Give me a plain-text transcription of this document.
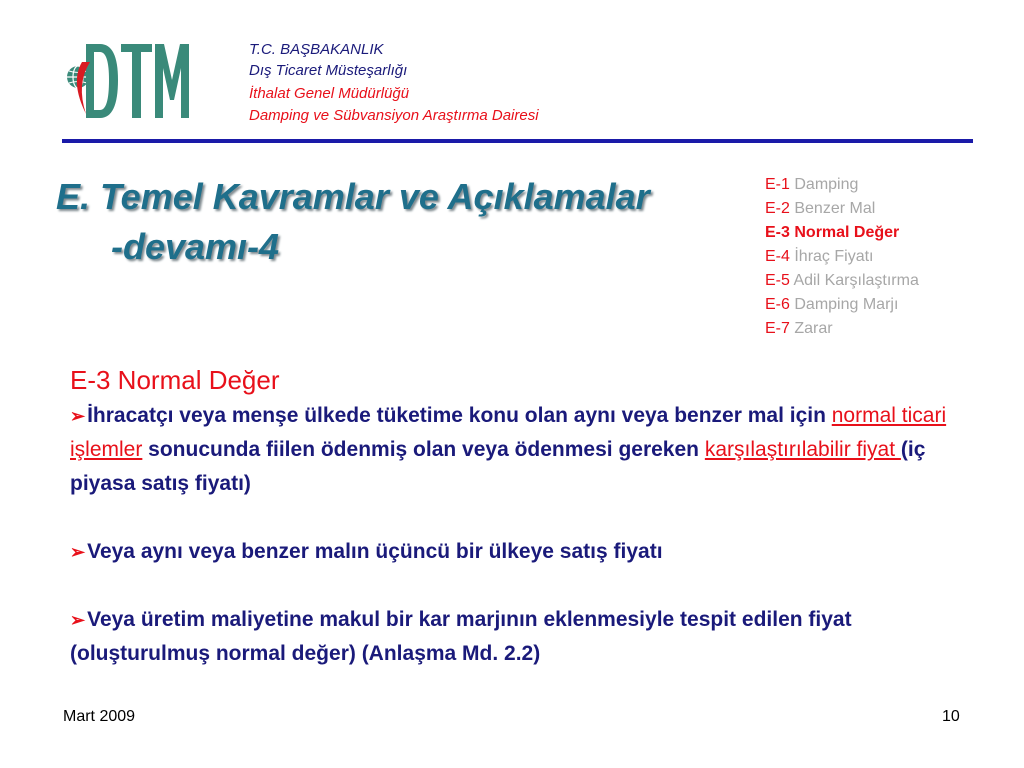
T.C. BAŞBAKANLIK
Dış Ticaret Müsteşarlığı
İthalat Genel Müdürlüğü
Damping ve Sübvansiyon Araştırma Dairesi
E. Temel Kavramlar ve Açıklamalar
-devamı-4
E-1 Damping
E-2 Benzer Mal
E-3 Normal Değer
E-4 İhraç Fiyatı
E-5 Adil Karşılaştırma
E-6 Damping Marjı
E-7 Zarar
E-3 Normal Değer
➢İhracatçı veya menşe ülkede tüketime konu olan aynı veya benzer mal için normal ticari işlemler sonucunda fiilen ödenmiş olan veya ödenmesi gereken karşılaştırılabilir fiyat (iç piyasa satış fiyatı)
➢Veya aynı veya benzer malın üçüncü bir ülkeye satış fiyatı
➢Veya üretim maliyetine makul bir kar marjının eklenmesiyle tespit edilen fiyat (oluşturulmuş normal değer) (Anlaşma Md. 2.2)
Mart 2009	10
